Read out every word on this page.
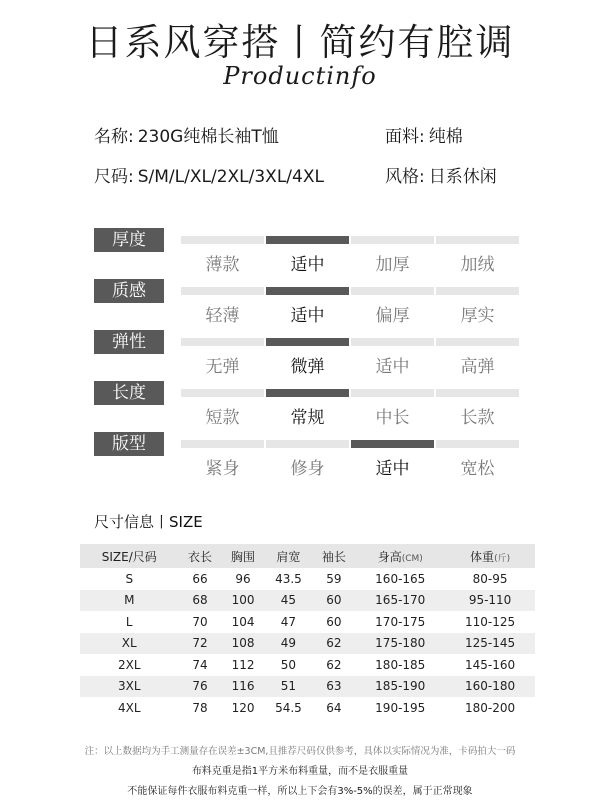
日系风穿搭丨简约有腔调
Productinfo
名称: 230G纯棉长袖T恤	面料: 纯棉
尺码: S/M/L/XL/2XL/3XL/4XL	风格: 日系休闲
厚度
薄款	适中	加厚	加绒
质感
轻薄	适中	偏厚	厚实
弹性
无弹	微弹	适中	高弹
长度
短款	常规	中长	长款
版型
紧身	修身	适中	宽松
尺寸信息丨SIZE
SIZE/尺码	衣长	胸围	肩宽	袖长	身高(CM)	体重(斤)
S	66	96	43.5	59	160-165	80-95
M	68	100	45	60	165-170	95-110
L	70	104	47	60	170-175	110-125
XL	72	108	49	62	175-180	125-145
2XL	74	112	50	62	180-185	145-160
3XL	76	116	51	63	185-190	160-180
4XL	78	120	54.5	64	190-195	180-200
注：以上数据均为手工测量存在误差±3CM,且推荐尺码仅供参考，具体以实际情况为准，卡码拍大一码
布料克重是指1平方米布料重量，而不是衣服重量
不能保证每件衣服布料克重一样，所以上下会有3%-5%的误差，属于正常现象
